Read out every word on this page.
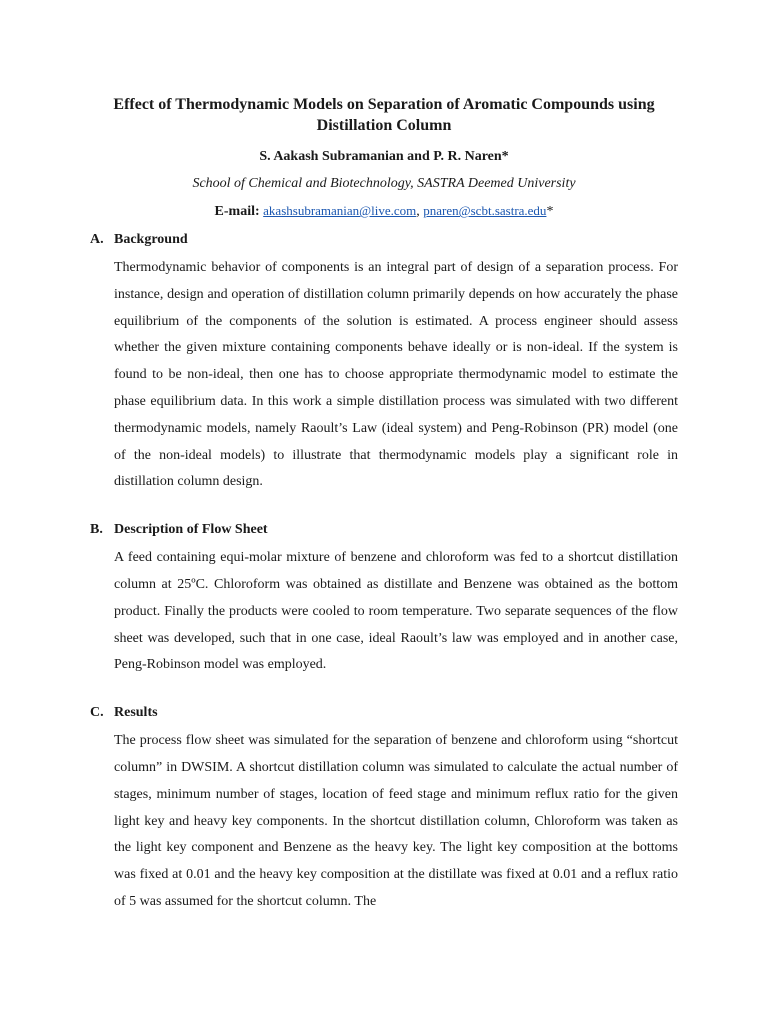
Effect of Thermodynamic Models on Separation of Aromatic Compounds using Distillation Column
S. Aakash Subramanian and P. R. Naren*
School of Chemical and Biotechnology, SASTRA Deemed University
E-mail: akashsubramanian@live.com, pnaren@scbt.sastra.edu*
A. Background
Thermodynamic behavior of components is an integral part of design of a separation process. For instance, design and operation of distillation column primarily depends on how accurately the phase equilibrium of the components of the solution is estimated. A process engineer should assess whether the given mixture containing components behave ideally or is non-ideal. If the system is found to be non-ideal, then one has to choose appropriate thermodynamic model to estimate the phase equilibrium data. In this work a simple distillation process was simulated with two different thermodynamic models, namely Raoult’s Law (ideal system) and Peng-Robinson (PR) model (one of the non-ideal models) to illustrate that thermodynamic models play a significant role in distillation column design.
B. Description of Flow Sheet
A feed containing equi-molar mixture of benzene and chloroform was fed to a shortcut distillation column at 25ºC. Chloroform was obtained as distillate and Benzene was obtained as the bottom product. Finally the products were cooled to room temperature. Two separate sequences of the flow sheet was developed, such that in one case, ideal Raoult’s law was employed and in another case, Peng-Robinson model was employed.
C. Results
The process flow sheet was simulated for the separation of benzene and chloroform using “shortcut column” in DWSIM. A shortcut distillation column was simulated to calculate the actual number of stages, minimum number of stages, location of feed stage and minimum reflux ratio for the given light key and heavy key components. In the shortcut distillation column, Chloroform was taken as the light key component and Benzene as the heavy key. The light key composition at the bottoms was fixed at 0.01 and the heavy key composition at the distillate was fixed at 0.01 and a reflux ratio of 5 was assumed for the shortcut column. The
